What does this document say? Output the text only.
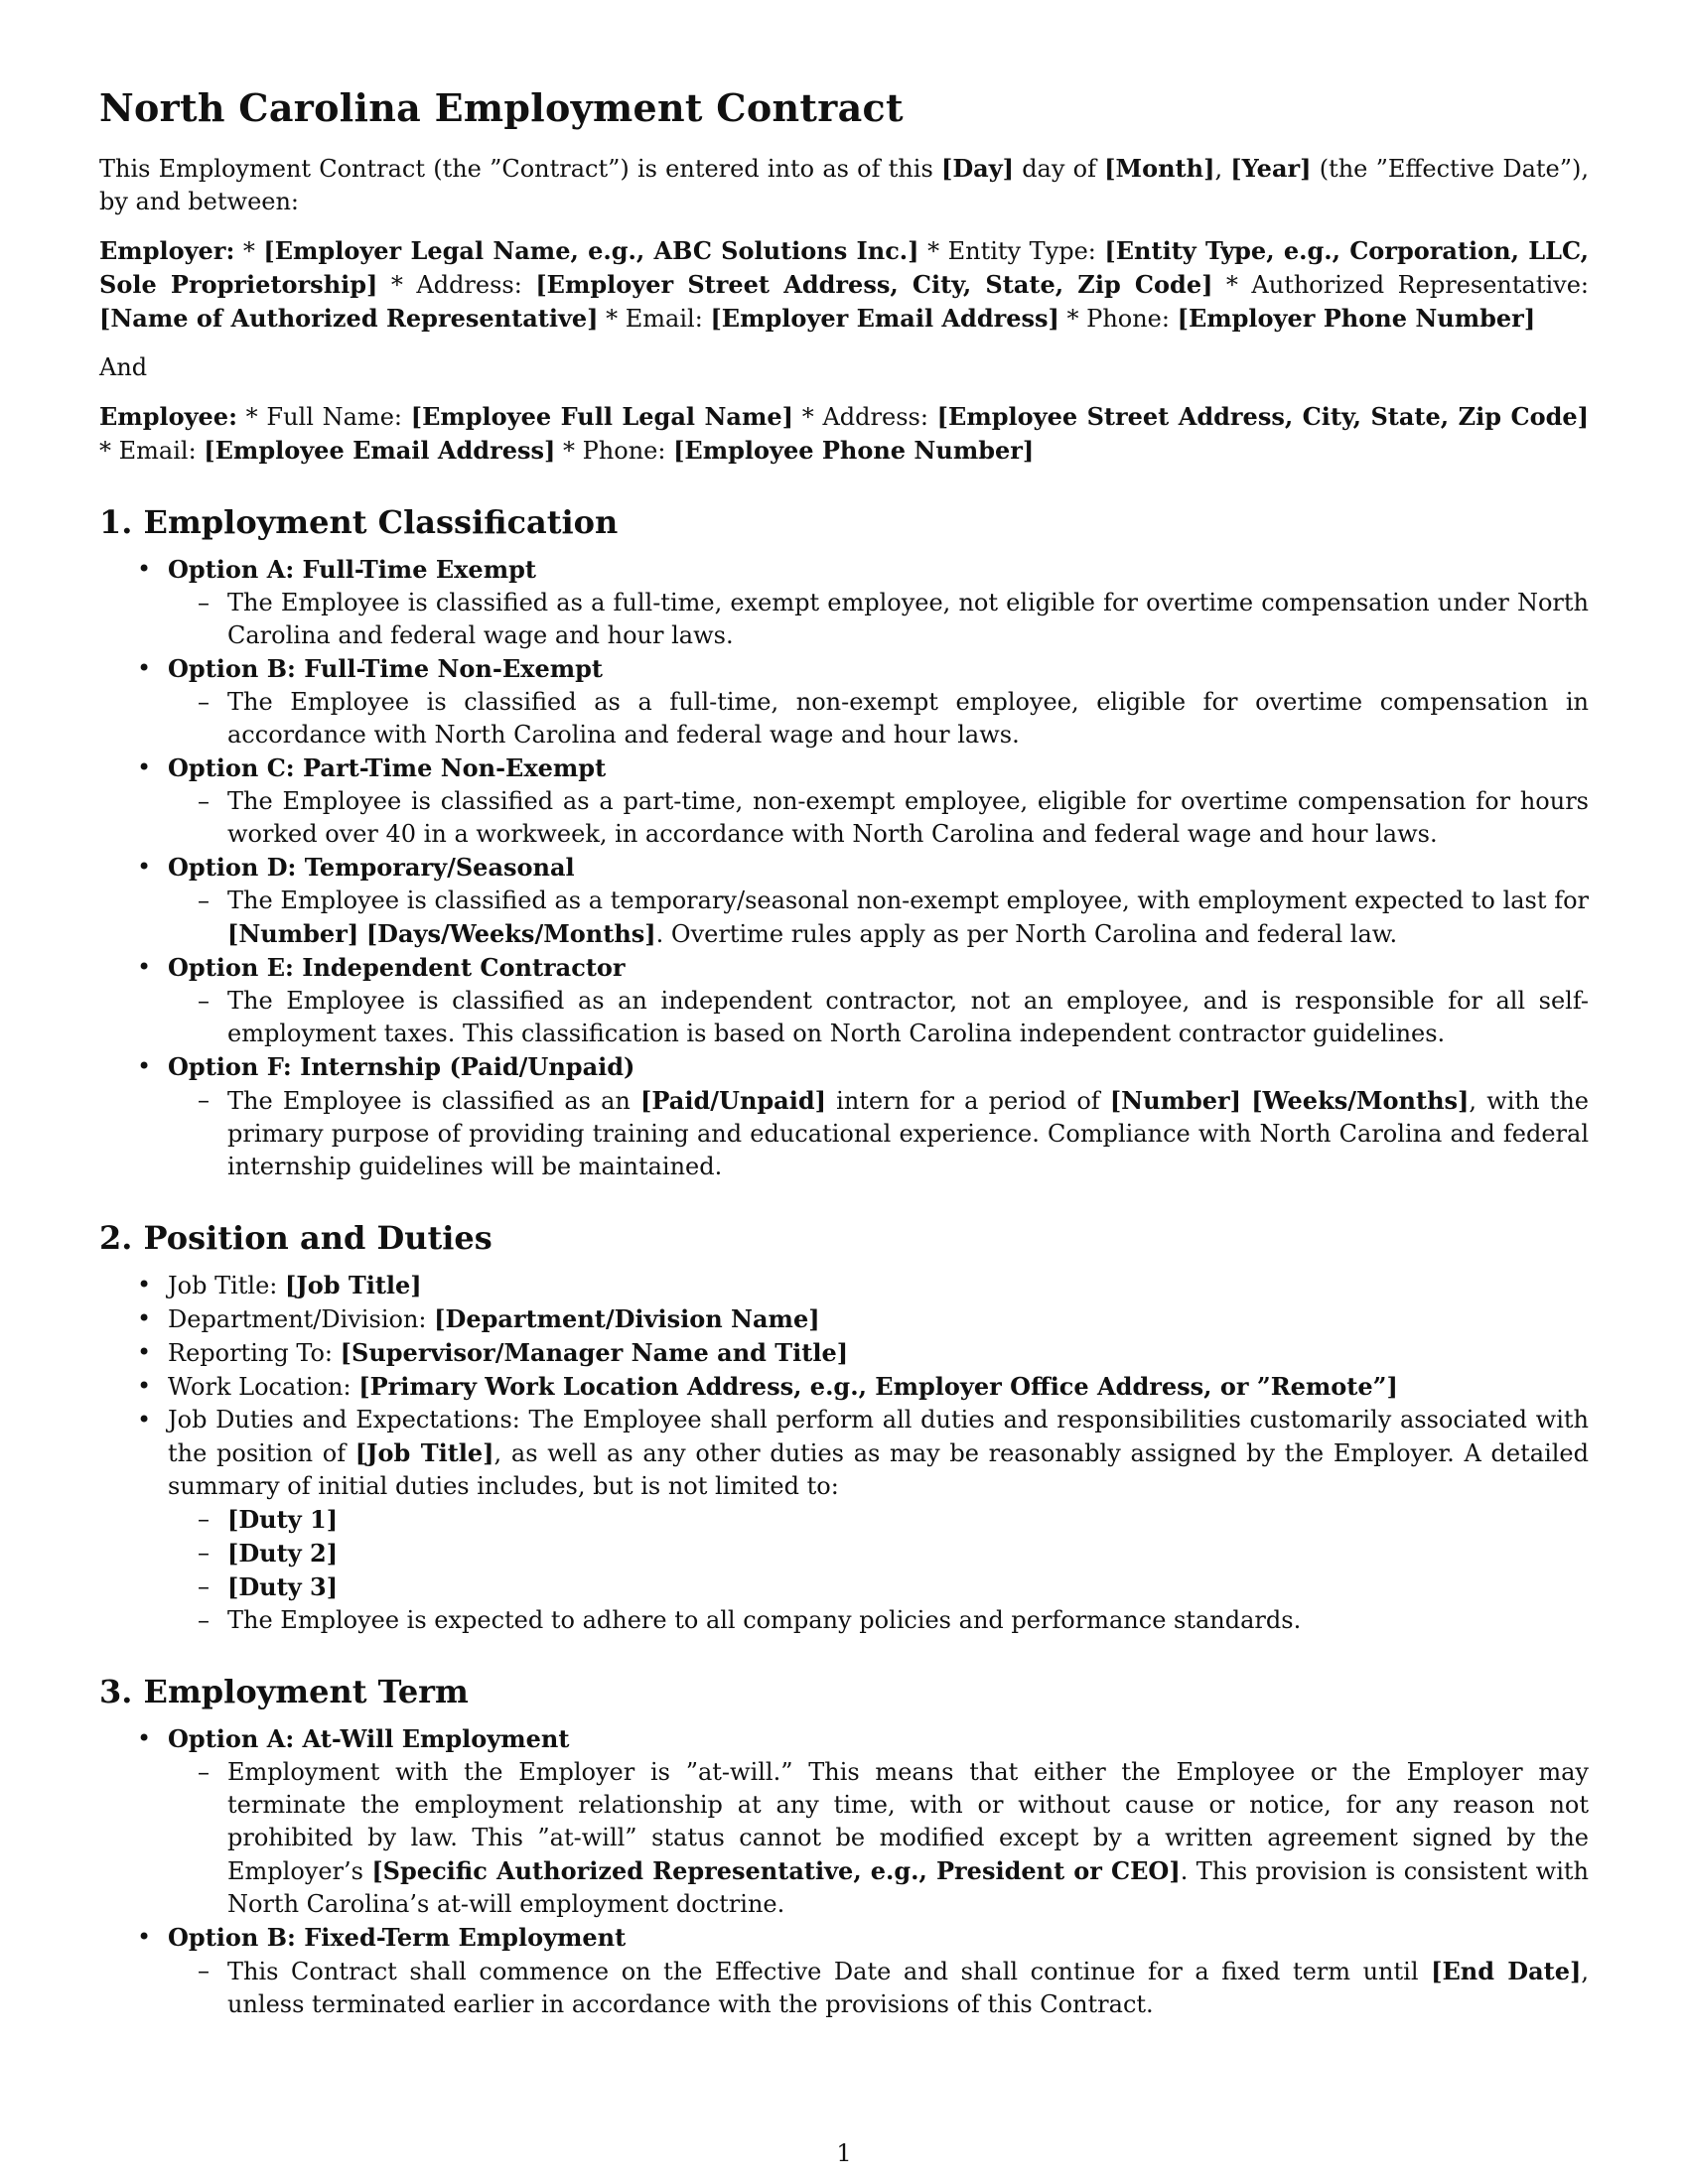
North Carolina Employment Contract

This Employment Contract (the ”Contract”) is entered into as of this [Day] day of [Month], [Year] (the ”Effective Date”), by and between:

Employer: * [Employer Legal Name, e.g., ABC Solutions Inc.] * Entity Type: [Entity Type, e.g., Corporation, LLC, Sole Proprietorship] * Address: [Employer Street Address, City, State, Zip Code] * Authorized Representative: [Name of Authorized Representative] * Email: [Employer Email Address] * Phone: [Employer Phone Number]

And

Employee: * Full Name: [Employee Full Legal Name] * Address: [Employee Street Address, City, State, Zip Code] * Email: [Employee Email Address] * Phone: [Employee Phone Number]

1. Employment Classification
• Option A: Full-Time Exempt
– The Employee is classified as a full-time, exempt employee, not eligible for overtime compensation under North Carolina and federal wage and hour laws.
• Option B: Full-Time Non-Exempt
– The Employee is classified as a full-time, non-exempt employee, eligible for overtime compensation in accordance with North Carolina and federal wage and hour laws.
• Option C: Part-Time Non-Exempt
– The Employee is classified as a part-time, non-exempt employee, eligible for overtime compensation for hours worked over 40 in a workweek, in accordance with North Carolina and federal wage and hour laws.
• Option D: Temporary/Seasonal
– The Employee is classified as a temporary/seasonal non-exempt employee, with employment expected to last for [Number] [Days/Weeks/Months]. Overtime rules apply as per North Carolina and federal law.
• Option E: Independent Contractor
– The Employee is classified as an independent contractor, not an employee, and is responsible for all self-employment taxes. This classification is based on North Carolina independent contractor guidelines.
• Option F: Internship (Paid/Unpaid)
– The Employee is classified as an [Paid/Unpaid] intern for a period of [Number] [Weeks/Months], with the primary purpose of providing training and educational experience. Compliance with North Carolina and federal internship guidelines will be maintained.
2. Position and Duties
• Job Title: [Job Title]
• Department/Division: [Department/Division Name]
• Reporting To: [Supervisor/Manager Name and Title]
• Work Location: [Primary Work Location Address, e.g., Employer Office Address, or ”Remote”]
• Job Duties and Expectations: The Employee shall perform all duties and responsibilities customarily associated with the position of [Job Title], as well as any other duties as may be reasonably assigned by the Employer. A detailed summary of initial duties includes, but is not limited to:
– [Duty 1]
– [Duty 2]
– [Duty 3]
– The Employee is expected to adhere to all company policies and performance standards.
3. Employment Term
• Option A: At-Will Employment
– Employment with the Employer is ”at-will.” This means that either the Employee or the Employer may terminate the employment relationship at any time, with or without cause or notice, for any reason not prohibited by law. This ”at-will” status cannot be modified except by a written agreement signed by the Employer’s [Specific Authorized Representative, e.g., President or CEO]. This provision is consistent with North Carolina’s at-will employment doctrine.
• Option B: Fixed-Term Employment
– This Contract shall commence on the Effective Date and shall continue for a fixed term until [End Date], unless terminated earlier in accordance with the provisions of this Contract.
1
